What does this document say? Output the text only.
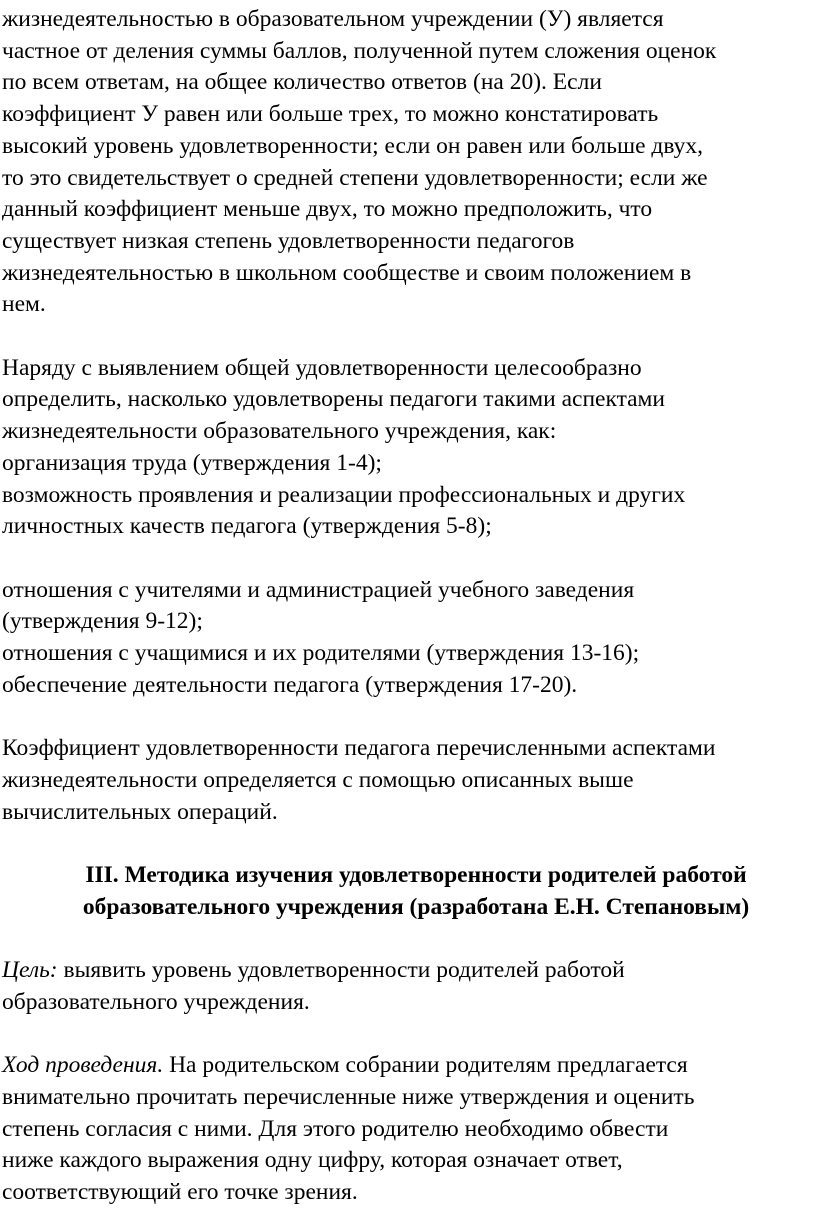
жизнедеятельностью в образовательном учреждении (У) является
частное от деления суммы баллов, полученной путем сложения оценок
по всем ответам, на общее количество ответов (на 20). Если
коэффициент У равен или больше трех, то можно констатировать
высокий уровень удовлетворенности; если он равен или больше двух,
то это свидетельствует о средней степени удовлетворенности; если же
данный коэффициент меньше двух, то можно предположить, что
существует низкая степень удовлетворенности педагогов
жизнедеятельностью в школьном сообществе и своим положением в
нем.

Наряду с выявлением общей удовлетворенности целесообразно
определить, насколько удовлетворены педагоги такими аспектами
жизнедеятельности образовательного учреждения, как:
организация труда (утверждения 1-4);
возможность проявления и реализации профессиональных и других
личностных качеств педагога (утверждения 5-8);

отношения с учителями и администрацией учебного заведения
(утверждения 9-12);
отношения с учащимися и их родителями (утверждения 13-16);
обеспечение деятельности педагога (утверждения 17-20).

Коэффициент удовлетворенности педагога перечисленными аспектами
жизнедеятельности определяется с помощью описанных выше
вычислительных операций.

III. Методика изучения удовлетворенности родителей работой
образовательного учреждения (разработана Е.Н. Степановым)

Цель: выявить уровень удовлетворенности родителей работой
образовательного учреждения.

Ход проведения. На родительском собрании родителям предлагается
внимательно прочитать перечисленные ниже утверждения и оценить
степень согласия с ними. Для этого родителю необходимо обвести
ниже каждого выражения одну цифру, которая означает ответ,
соответствующий его точке зрения.
